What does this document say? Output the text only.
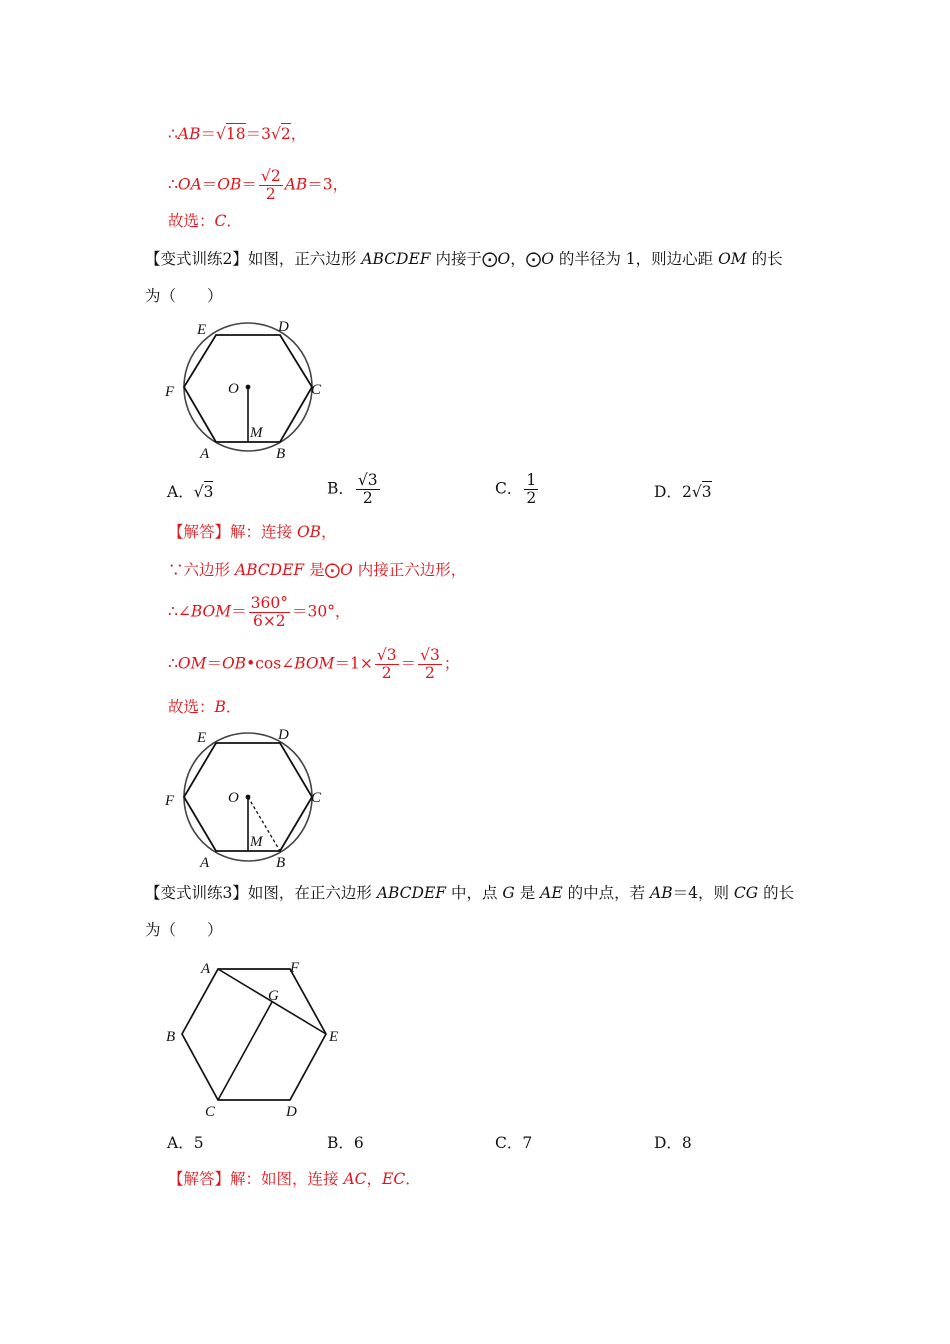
∴AB＝√18＝3√2，
∴OA＝OB＝ $\frac{√2}{2} AB=3$，
故选：C．
【变式训练2】如图，正六边形 ABCDEF 内接于⨀O，⨀O 的半径为 1，则边心距 OM 的长
为（　　）
E	D
F	C
O
M
A	B
A．√3	B． $\frac{√3}{2}$	C． $\frac{1}{2}$	D．2√3
【解答】解：连接 OB，
∵六边形 ABCDEF 是⨀O 内接正六边形，
∴∠BOM＝ $\frac{360^\circ}{6\times 2} =30^\circ$，
∴OM＝OB•cos∠BOM＝1× $\frac{√3}{2} = \frac{√3}{2}$ ；
故选：B．
E	D
F	C
O
M
A	B
【变式训练3】如图，在正六边形 ABCDEF 中，点 G 是 AE 的中点，若 AB＝4，则 CG 的长
为（　　）
A	F
G
B	E
C	D
A．5	B．6	C．7	D．8
【解答】解：如图，连接 AC，EC．
